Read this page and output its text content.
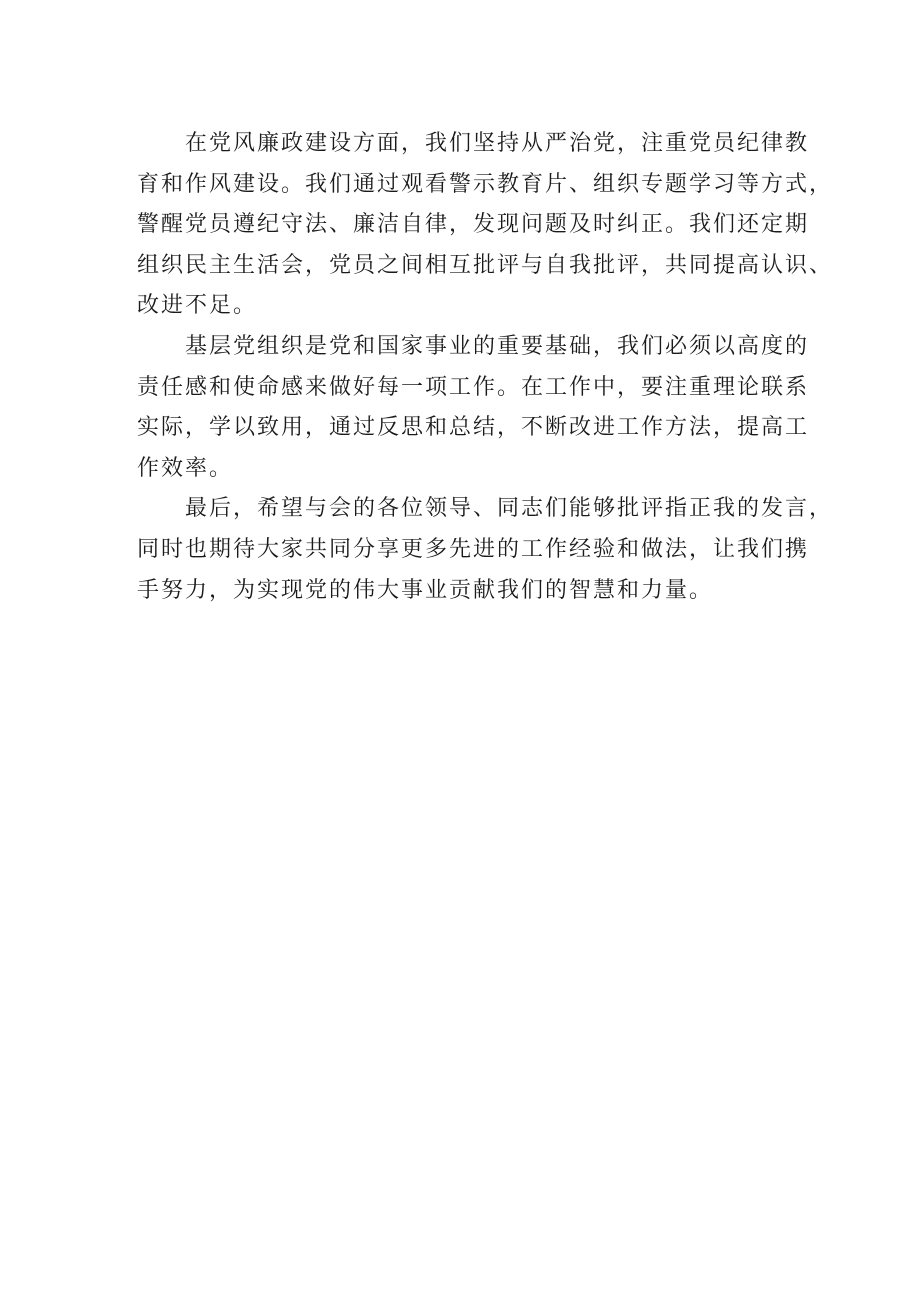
在党风廉政建设方面，我们坚持从严治党，注重党员纪律教
育和作风建设。我们通过观看警示教育片、组织专题学习等方式，
警醒党员遵纪守法、廉洁自律，发现问题及时纠正。我们还定期
组织民主生活会，党员之间相互批评与自我批评，共同提高认识、
改进不足。

基层党组织是党和国家事业的重要基础，我们必须以高度的
责任感和使命感来做好每一项工作。在工作中，要注重理论联系
实际，学以致用，通过反思和总结，不断改进工作方法，提高工
作效率。

最后，希望与会的各位领导、同志们能够批评指正我的发言，
同时也期待大家共同分享更多先进的工作经验和做法，让我们携
手努力，为实现党的伟大事业贡献我们的智慧和力量。
